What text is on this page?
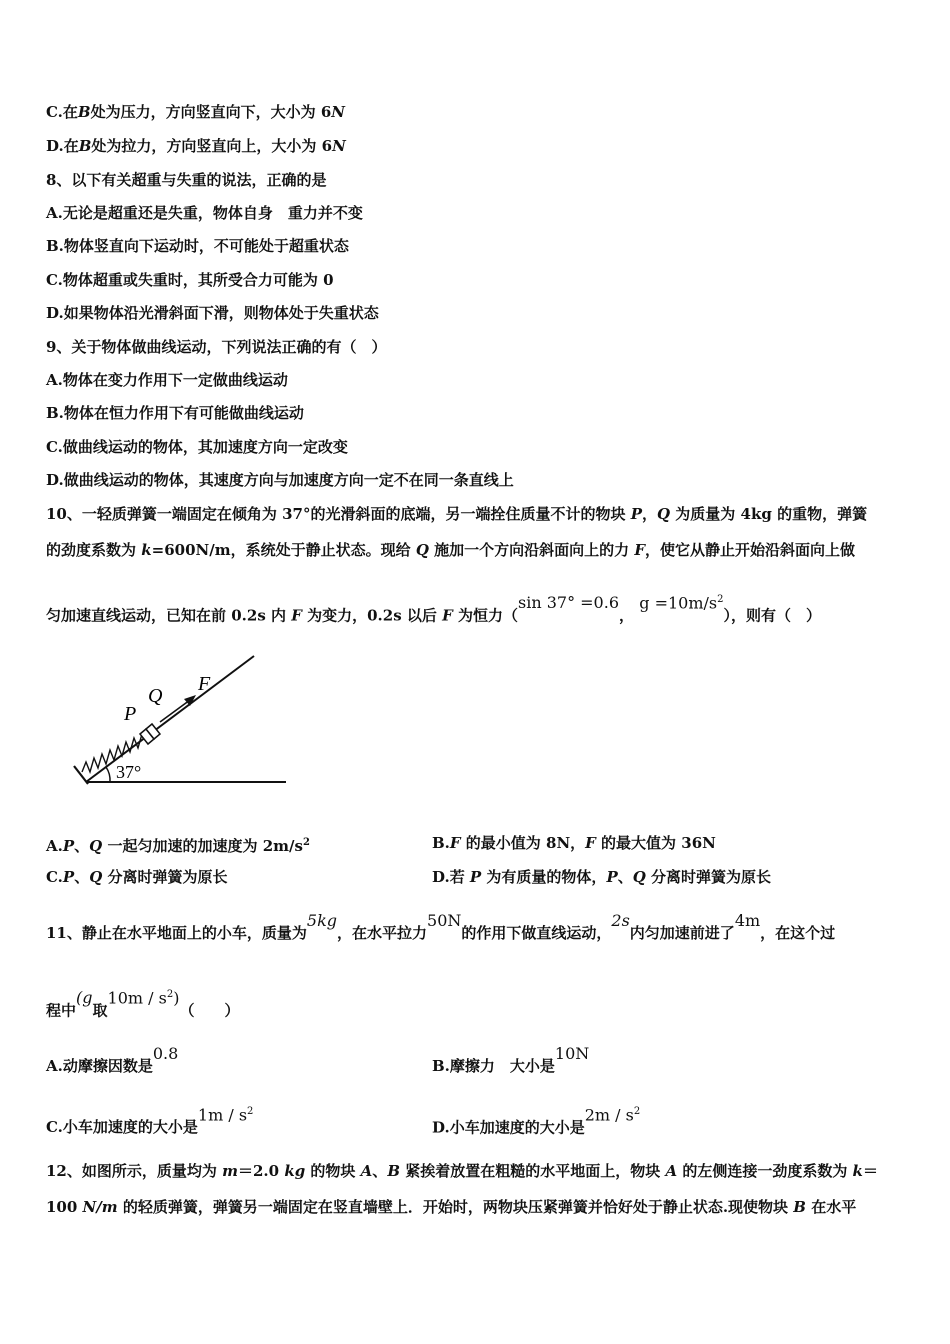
C.在B处为压力，方向竖直向下，大小为 6N
D.在B处为拉力，方向竖直向上，大小为 6N
8、以下有关超重与失重的说法，正确的是
A.无论是超重还是失重，物体自身　重力并不变
B.物体竖直向下运动时，不可能处于超重状态
C.物体超重或失重时，其所受合力可能为 0
D.如果物体沿光滑斜面下滑，则物体处于失重状态
9、关于物体做曲线运动，下列说法正确的有（　）
A.物体在变力作用下一定做曲线运动
B.物体在恒力作用下有可能做曲线运动
C.做曲线运动的物体，其加速度方向一定改变
D.做曲线运动的物体，其速度方向与加速度方向一定不在同一条直线上
10、一轻质弹簧一端固定在倾角为 37°的光滑斜面的底端，另一端拴住质量不计的物块 P，Q 为质量为 4kg 的重物，弹簧
的劲度系数为 k=600N/m，系统处于静止状态。现给 Q 施加一个方向沿斜面向上的力 F，使它从静止开始沿斜面向上做
匀加速直线运动，已知在前 0.2s 内 F 为变力，0.2s 以后 F 为恒力（sin 37° =0.6， $g =10m/s^2$），则有（　）
P
Q
F
37°
A.P、Q 一起匀加速的加速度为 $2m/s^2$	B.F 的最小值为 8N，F 的最大值为 36N
C.P、Q 分离时弹簧为原长	D.若 P 为有质量的物体，P、Q 分离时弹簧为原长
11、静止在水平地面上的小车，质量为5kg，在水平拉力50N的作用下做直线运动，2s内匀加速前进了4m，在这个过
程中(g取$10m / s^2$)（　　）
A.动摩擦因数是0.8
B.摩擦力　大小是10N
C.小车加速度的大小是$1m / s^2$
D.小车加速度的大小是$2m / s^2$
12、如图所示，质量均为 m＝2.0 kg 的物块 A、B 紧挨着放置在粗糙的水平地面上，物块 A 的左侧连接一劲度系数为 k＝
100 N/m 的轻质弹簧，弹簧另一端固定在竖直墙壁上．开始时，两物块压紧弹簧并恰好处于静止状态.现使物块 B 在水平
